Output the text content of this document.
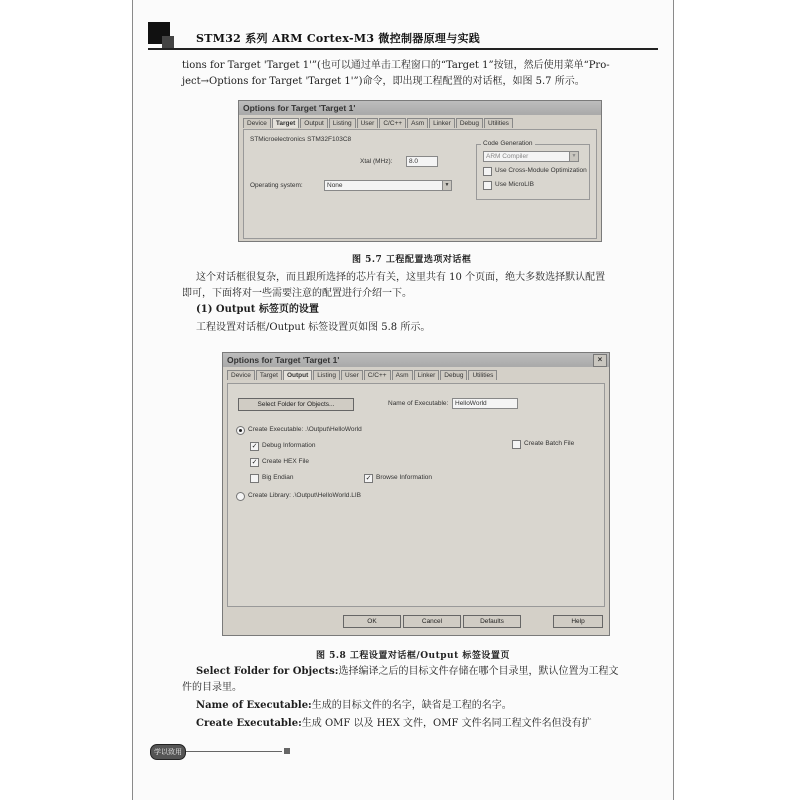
STM32 系列 ARM Cortex-M3 微控制器原理与实践
tions for Target 'Target 1'”(也可以通过单击工程窗口的“Target 1”按钮，然后使用菜单“Pro-
ject→Options for Target 'Target 1'”)命令，即出现工程配置的对话框，如图 5.7 所示。
Options for Target 'Target 1'
Device	Target	Output	Listing	User	C/C++	Asm	Linker	Debug	Utilities
STMicroelectronics STM32F103C8
Xtal (MHz):	8.0
Operating system:	None	▼
Code Generation
ARM Compiler	▼
Use Cross-Module Optimization
Use MicroLIB
图 5.7 工程配置选项对话框
这个对话框很复杂，而且跟所选择的芯片有关，这里共有 10 个页面，绝大多数选择默认配置
即可，下面将对一些需要注意的配置进行介绍一下。
(1) Output 标签页的设置
工程设置对话框/Output 标签设置页如图 5.8 所示。
Options for Target 'Target 1'	×
Device	Target	Output	Listing	User	C/C++	Asm	Linker	Debug	Utilities
Select Folder for Objects...	Name of Executable:	HelloWorld
Create Executable: .\Output\HelloWorld
✓ Debug Information
✓ Create HEX File
Big Endian	✓ Browse Information
Create Batch File
Create Library: .\Output\HelloWorld.LIB
OK	Cancel	Defaults	Help
图 5.8 工程设置对话框/Output 标签设置页
Select Folder for Objects:选择编译之后的目标文件存储在哪个目录里，默认位置为工程文
件的目录里。
Name of Executable:生成的目标文件的名字，缺省是工程的名字。
Create Executable:生成 OMF 以及 HEX 文件，OMF 文件名同工程文件名但没有扩
学以致用
